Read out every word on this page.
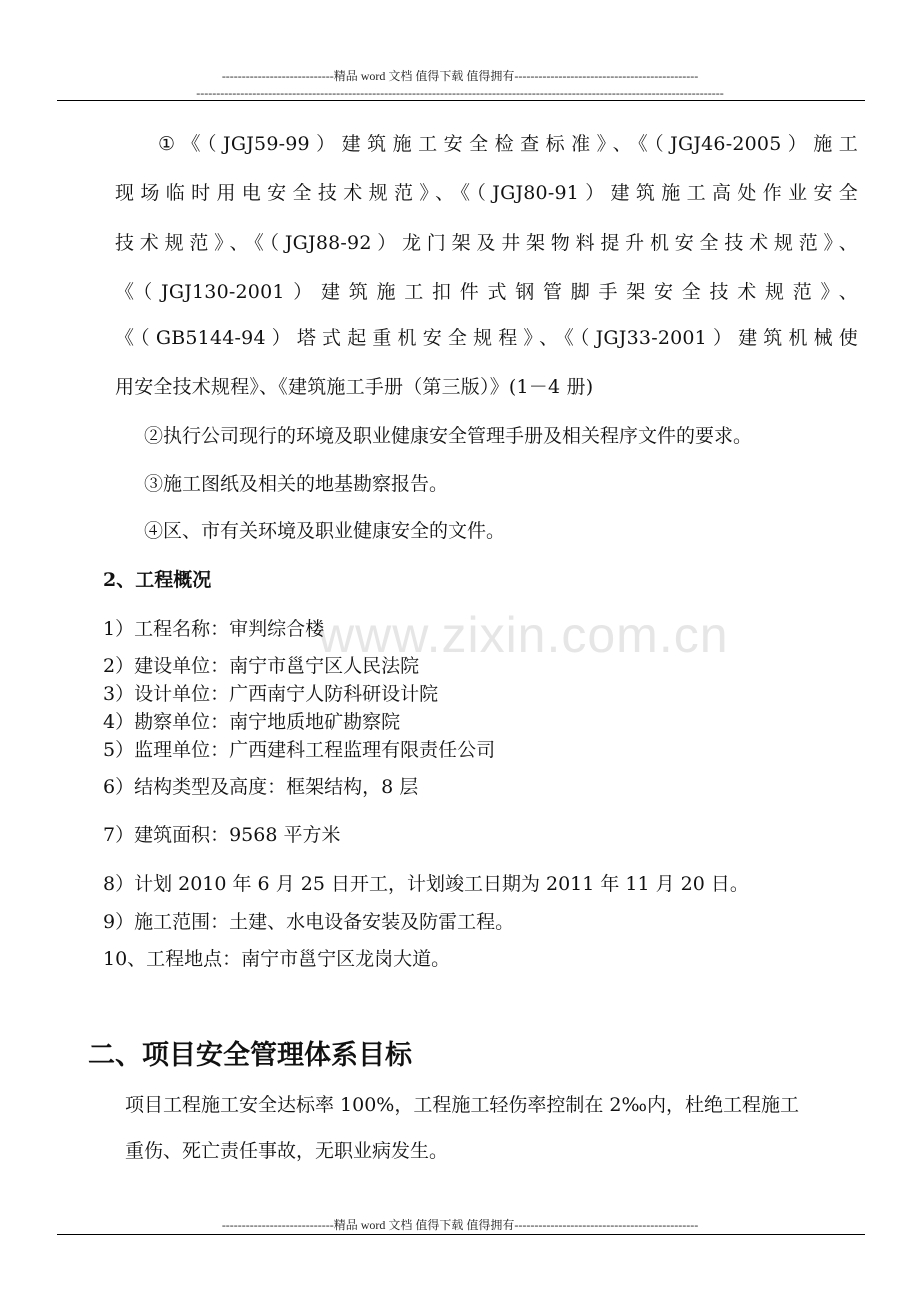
----------------------------精品 word 文档 值得下载 值得拥有----------------------------------------------
------------------------------------------------------------------------------------------------------------------------------------
www.zixin.com.cn
①《（JGJ59-99）建筑施工安全检查标准》、《（JGJ46-2005）施工
现场临时用电安全技术规范》、《（JGJ80-91）建筑施工高处作业安全
技术规范》、《（JGJ88-92）龙门架及井架物料提升机安全技术规范》、
《（JGJ130-2001）建筑施工扣件式钢管脚手架安全技术规范》、
《（GB5144-94）塔式起重机安全规程》、《（JGJ33-2001）建筑机械使
用安全技术规程》、《建筑施工手册（第三版）》(1－4 册)
②执行公司现行的环境及职业健康安全管理手册及相关程序文件的要求。
③施工图纸及相关的地基勘察报告。
④区、市有关环境及职业健康安全的文件。
2、工程概况
1）工程名称：审判综合楼
2）建设单位：南宁市邕宁区人民法院
3）设计单位：广西南宁人防科研设计院
4）勘察单位：南宁地质地矿勘察院
5）监理单位：广西建科工程监理有限责任公司
6）结构类型及高度：框架结构，8 层
7）建筑面积：9568 平方米
8）计划 2010 年 6 月 25 日开工，计划竣工日期为 2011 年 11 月 20 日。
9）施工范围：土建、水电设备安装及防雷工程。
10、工程地点：南宁市邕宁区龙岗大道。
二、项目安全管理体系目标
项目工程施工安全达标率 100%，工程施工轻伤率控制在 2‰内，杜绝工程施工
重伤、死亡责任事故，无职业病发生。
----------------------------精品 word 文档 值得下载 值得拥有----------------------------------------------
